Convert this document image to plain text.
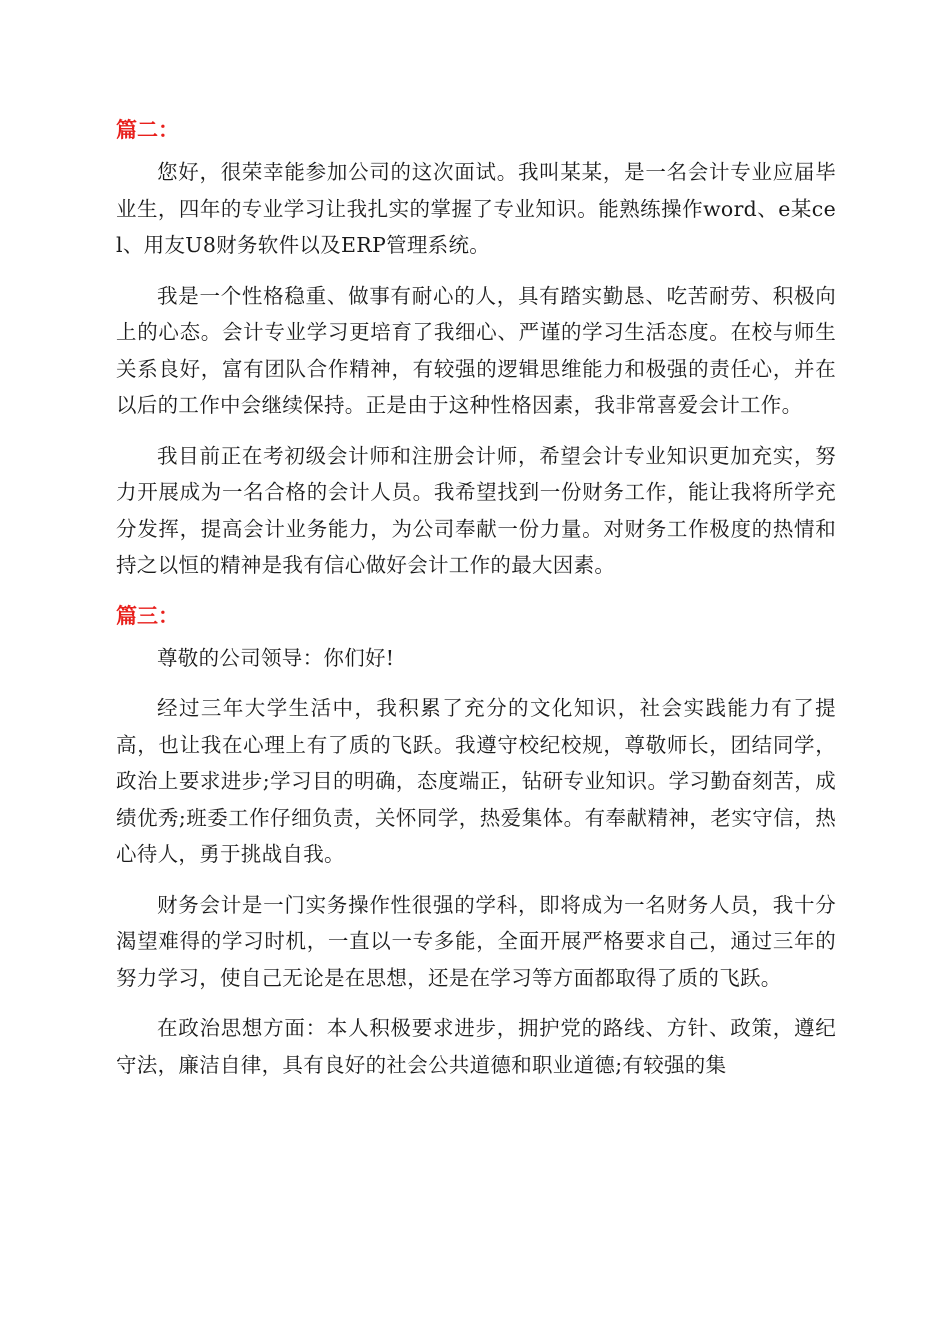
篇二：

您好，很荣幸能参加公司的这次面试。我叫某某，是一名会计专业应届毕业生，四年的专业学习让我扎实的掌握了专业知识。能熟练操作word、e某cel、用友U8财务软件以及ERP管理系统。

我是一个性格稳重、做事有耐心的人，具有踏实勤恳、吃苦耐劳、积极向上的心态。会计专业学习更培育了我细心、严谨的学习生活态度。在校与师生关系良好，富有团队合作精神，有较强的逻辑思维能力和极强的责任心，并在以后的工作中会继续保持。正是由于这种性格因素，我非常喜爱会计工作。

我目前正在考初级会计师和注册会计师，希望会计专业知识更加充实，努力开展成为一名合格的会计人员。我希望找到一份财务工作，能让我将所学充分发挥，提高会计业务能力，为公司奉献一份力量。对财务工作极度的热情和持之以恒的精神是我有信心做好会计工作的最大因素。

篇三：

尊敬的公司领导：你们好!

经过三年大学生活中，我积累了充分的文化知识，社会实践能力有了提高，也让我在心理上有了质的飞跃。我遵守校纪校规，尊敬师长，团结同学，政治上要求进步;学习目的明确，态度端正，钻研专业知识。学习勤奋刻苦，成绩优秀;班委工作仔细负责，关怀同学，热爱集体。有奉献精神，老实守信，热心待人，勇于挑战自我。

财务会计是一门实务操作性很强的学科，即将成为一名财务人员，我十分渴望难得的学习时机，一直以一专多能，全面开展严格要求自己，通过三年的努力学习，使自己无论是在思想，还是在学习等方面都取得了质的飞跃。

在政治思想方面：本人积极要求进步，拥护党的路线、方针、政策，遵纪守法，廉洁自律，具有良好的社会公共道德和职业道德;有较强的集
